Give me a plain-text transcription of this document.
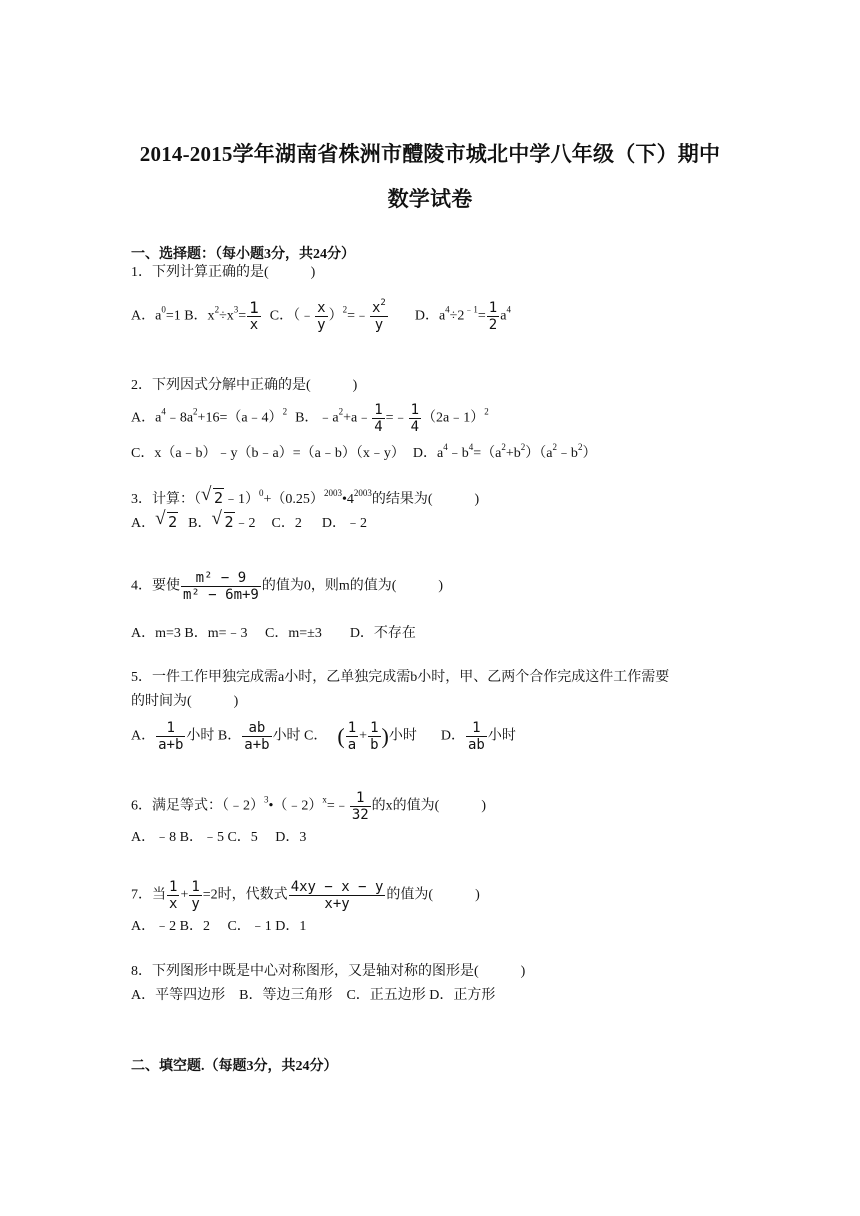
2014-2015学年湖南省株洲市醴陵市城北中学八年级（下）期中
数学试卷
一、选择题：（每小题3分，共24分）
1．下列计算正确的是(　　　)
A．$a^0=1$ B．$x^2\div x^3= \frac{1}{x}$ C．（﹣ $\frac{x}{y}$ ）$^2$=﹣ $\frac{x^2}{y}$ D．$a^4\div 2^{﹣1}= \frac{1}{2} a^4$
2．下列因式分解中正确的是(　　　)
A．$a^4﹣8a^2+16=(a﹣4)^2$ B．$﹣a^2+a﹣ \frac{1}{4}$ =﹣ $\frac{1}{4}$ （2a﹣1）$^2$
C．x（a﹣b）﹣y（b﹣a）=（a﹣b）（x﹣y） D．$a^4﹣b^4=(a^2+b^2)(a^2﹣b^2)$
3．计算：（ √ $2﹣1)^0+(0.25)^{2003}•4^{2003}$的结果为(　　　)
A． √ 2 B． √ 2﹣2 C．2 D．﹣2
4．要使 $\frac{\text{m² − 9}}{\text{m² − 6m+9}}$ 的值为0，则m的值为(　　　)
A．m=3 B．m=﹣3　 C．m=±3　　D．不存在
5．一件工作甲独完成需a小时，乙单独完成需b小时，甲、乙两个合作完成这件工作需要
的时间为(　　　)
A． $\frac{1}{a+b}$ 小时 B． $\frac{ab}{a+b}$ 小时 C． ( $\frac{1}{a} + \frac{1}{b}$ )小时 D． $\frac{1}{ab}$ 小时
6．满足等式：（﹣2）$^3$•（﹣2）$^x$=﹣ $\frac{1}{32}$ 的x的值为(　　　)
A．﹣8 B．﹣5 C．5　 D．3
7．当 $\frac{1}{x} + \frac{1}{y} =2$时，代数式 $\frac{4xy - x - y}{x+y}$ 的值为(　　　)
A．﹣2 B．2　 C．﹣1 D．1
8．下列图形中既是中心对称图形，又是轴对称的图形是(　　　)
A．平等四边形　B．等边三角形　C．正五边形 D．正方形
二、填空题.（每题3分，共24分）
